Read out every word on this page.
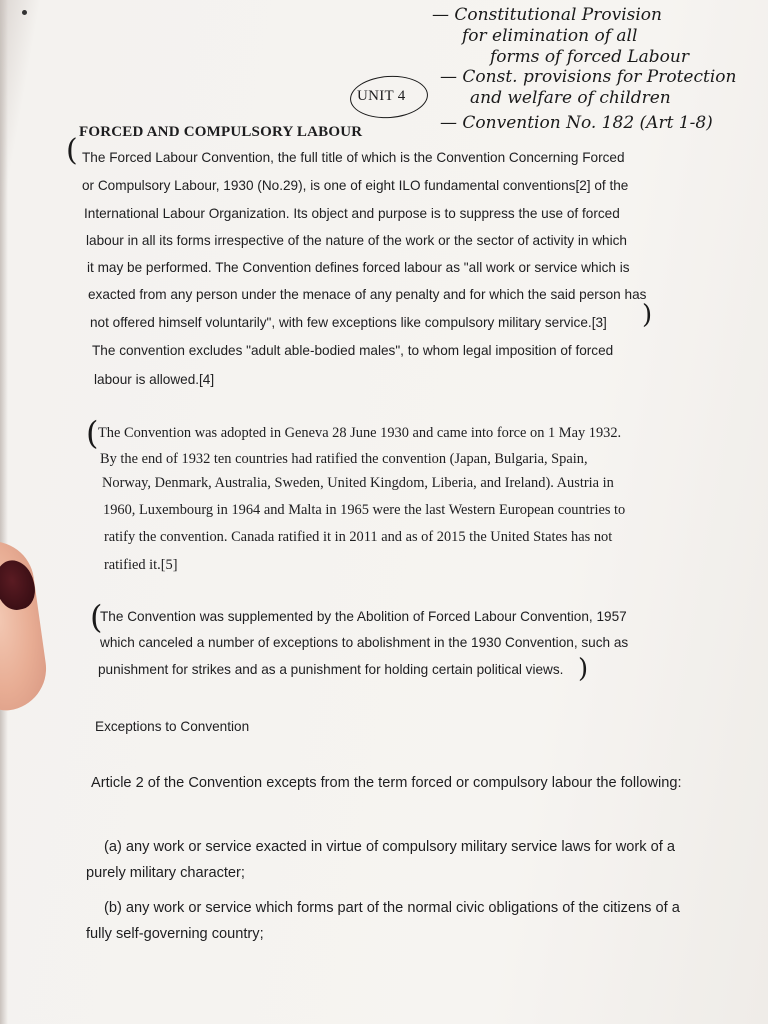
— Constitutional Provision
for elimination of all
forms of forced Labour
— Const. provisions for Protection
and welfare of children
— Convention No. 182 (Art 1-8)
UNIT 4
FORCED AND COMPULSORY LABOUR
( The Forced Labour Convention, the full title of which is the Convention Concerning Forced
or Compulsory Labour, 1930 (No.29), is one of eight ILO fundamental conventions[2] of the
International Labour Organization. Its object and purpose is to suppress the use of forced
labour in all its forms irrespective of the nature of the work or the sector of activity in which
it may be performed. The Convention defines forced labour as "all work or service which is
exacted from any person under the menace of any penalty and for which the said person has
not offered himself voluntarily", with few exceptions like compulsory military service.[3] )
The convention excludes "adult able-bodied males", to whom legal imposition of forced
labour is allowed.[4]
( The Convention was adopted in Geneva 28 June 1930 and came into force on 1 May 1932.
By the end of 1932 ten countries had ratified the convention (Japan, Bulgaria, Spain,
Norway, Denmark, Australia, Sweden, United Kingdom, Liberia, and Ireland). Austria in
1960, Luxembourg in 1964 and Malta in 1965 were the last Western European countries to
ratify the convention. Canada ratified it in 2011 and as of 2015 the United States has not
ratified it.[5]
(
The Convention was supplemented by the Abolition of Forced Labour Convention, 1957
which canceled a number of exceptions to abolishment in the 1930 Convention, such as
punishment for strikes and as a punishment for holding certain political views. )
Exceptions to Convention
Article 2 of the Convention excepts from the term forced or compulsory labour the following:
(a) any work or service exacted in virtue of compulsory military service laws for work of a
purely military character;
(b) any work or service which forms part of the normal civic obligations of the citizens of a
fully self-governing country;
